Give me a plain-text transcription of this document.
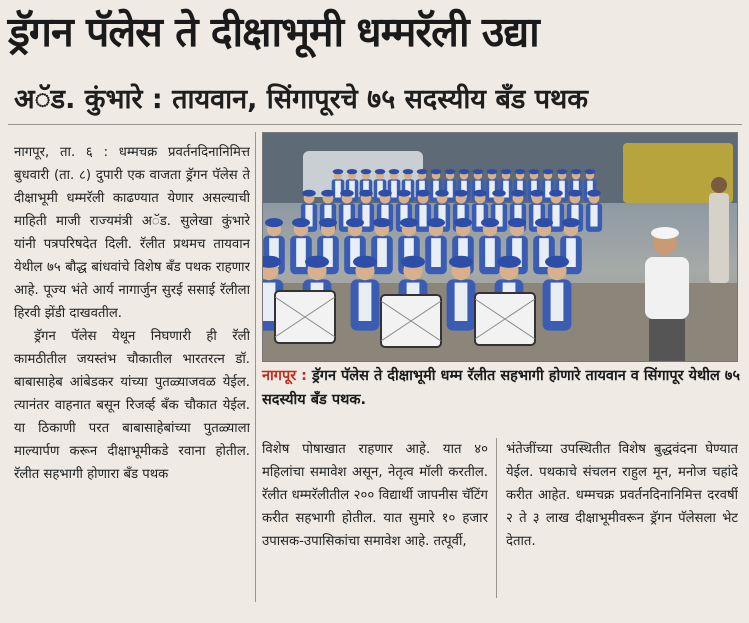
ड्रॅगन पॅलेस ते दीक्षाभूमी धम्मरॅली उद्या
अॅड. कुंभारे : तायवान, सिंगापूरचे ७५ सदस्यीय बॅंड पथक

नागपूर, ता. ६ : धम्मचक्र प्रवर्तनदिनानिमित्त बुधवारी (ता. ८) दुपारी एक वाजता ड्रॅगन पॅलेस ते दीक्षाभूमी धम्मरॅली काढण्यात येणार असल्याची माहिती माजी राज्यमंत्री अॅड. सुलेखा कुंभारे यांनी पत्रपरिषदेत दिली. रॅलीत प्रथमच तायवान येथील ७५ बौद्ध बांधवांचे विशेष बॅंड पथक राहणार आहे. पूज्य भंते आर्य नागार्जुन सुरई ससाई रॅलीला हिरवी झेंडी दाखवतील.

ड्रॅगन पॅलेस येथून निघणारी ही रॅली कामठीतील जयस्तंभ चौकातील भारतरत्न डॉ. बाबासाहेब आंबेडकर यांच्या पुतळ्याजवळ येईल. त्यानंतर वाहनात बसून रिजर्व्ह बॅंक चौकात येईल. या ठिकाणी परत बाबासाहेबांच्या पुतळ्याला माल्यार्पण करून दीक्षाभूमीकडे रवाना होतील. रॅलीत सहभागी होणारा बॅंड पथक

नागपूर : ड्रॅगन पॅलेस ते दीक्षाभूमी धम्म रॅलीत सहभागी होणारे तायवान व सिंगापूर येथील ७५ सदस्यीय बॅंड पथक.

विशेष पोषाखात राहणार आहे. यात ४० महिलांचा समावेश असून, नेतृत्व मॉली करतील. रॅलीत धम्मरॅलीतील २०० विद्यार्थी जापनीस चॅटिंग करीत सहभागी होतील. यात सुमारे १० हजार उपासक-उपासिकांचा समावेश आहे. तत्पूर्वी,

भंतेजींच्या उपस्थितीत विशेष बुद्धवंदना घेण्यात येईल. पथकाचे संचलन राहुल मून, मनोज चहांदे करीत आहेत. धम्मचक्र प्रवर्तनदिनानिमित्त दरवर्षी २ ते ३ लाख दीक्षाभूमीवरून ड्रॅगन पॅलेसला भेट देतात.
